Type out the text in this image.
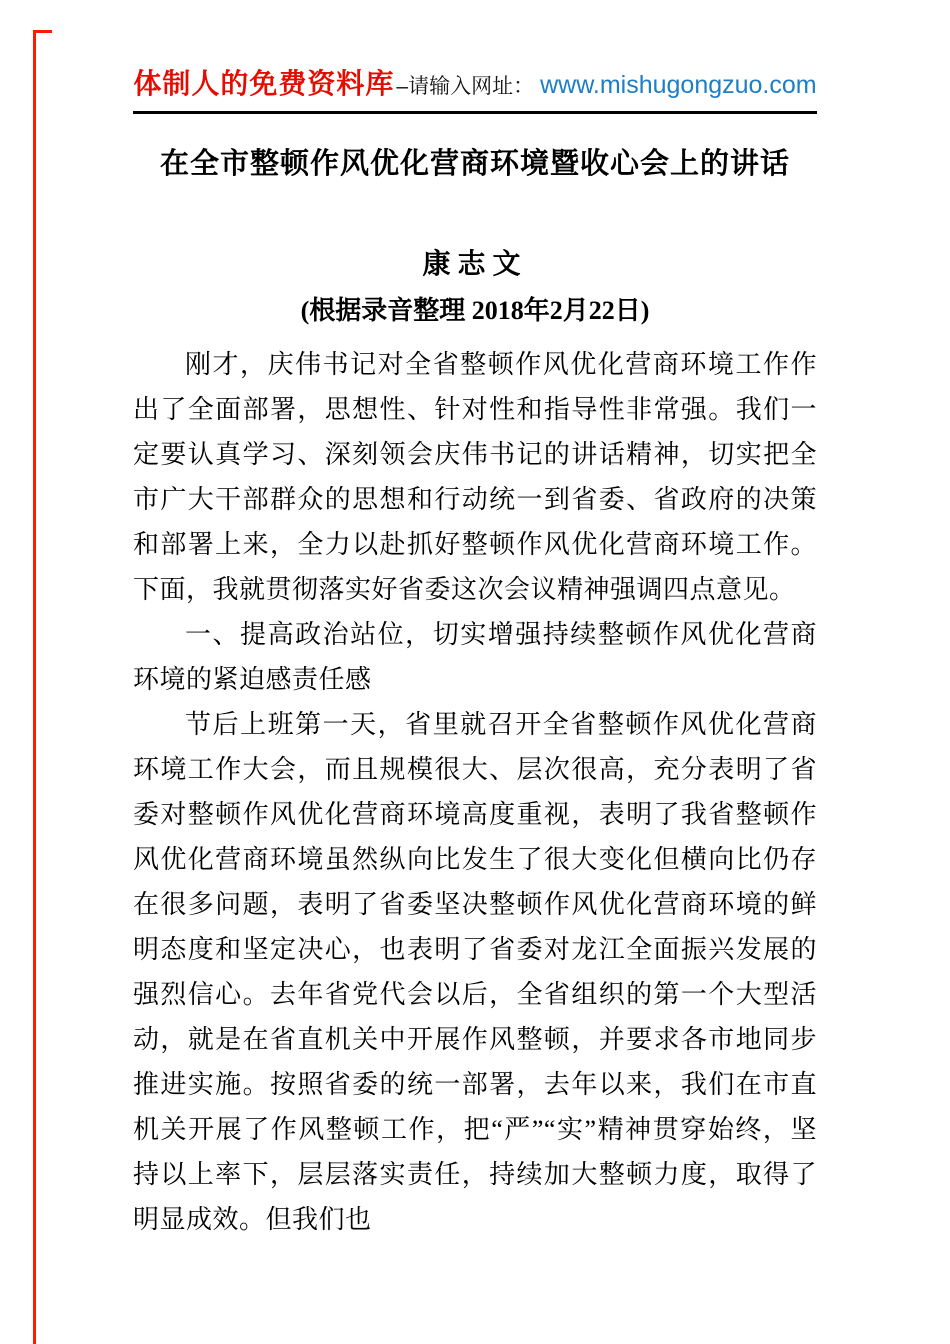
体制人的免费资料库–请输入网址： www.mishugongzuo.com
在全市整顿作风优化营商环境暨收心会上的讲话
康志文
(根据录音整理 2018年2月22日)

刚才，庆伟书记对全省整顿作风优化营商环境工作作出了全面部署，思想性、针对性和指导性非常强。我们一定要认真学习、深刻领会庆伟书记的讲话精神，切实把全市广大干部群众的思想和行动统一到省委、省政府的决策和部署上来，全力以赴抓好整顿作风优化营商环境工作。下面，我就贯彻落实好省委这次会议精神强调四点意见。

一、提高政治站位，切实增强持续整顿作风优化营商环境的紧迫感责任感

节后上班第一天，省里就召开全省整顿作风优化营商环境工作大会，而且规模很大、层次很高，充分表明了省委对整顿作风优化营商环境高度重视，表明了我省整顿作风优化营商环境虽然纵向比发生了很大变化但横向比仍存在很多问题，表明了省委坚决整顿作风优化营商环境的鲜明态度和坚定决心，也表明了省委对龙江全面振兴发展的强烈信心。去年省党代会以后，全省组织的第一个大型活动，就是在省直机关中开展作风整顿，并要求各市地同步推进实施。按照省委的统一部署，去年以来，我们在市直机关开展了作风整顿工作，把“严”“实”精神贯穿始终，坚持以上率下，层层落实责任，持续加大整顿力度，取得了明显成效。但我们也
